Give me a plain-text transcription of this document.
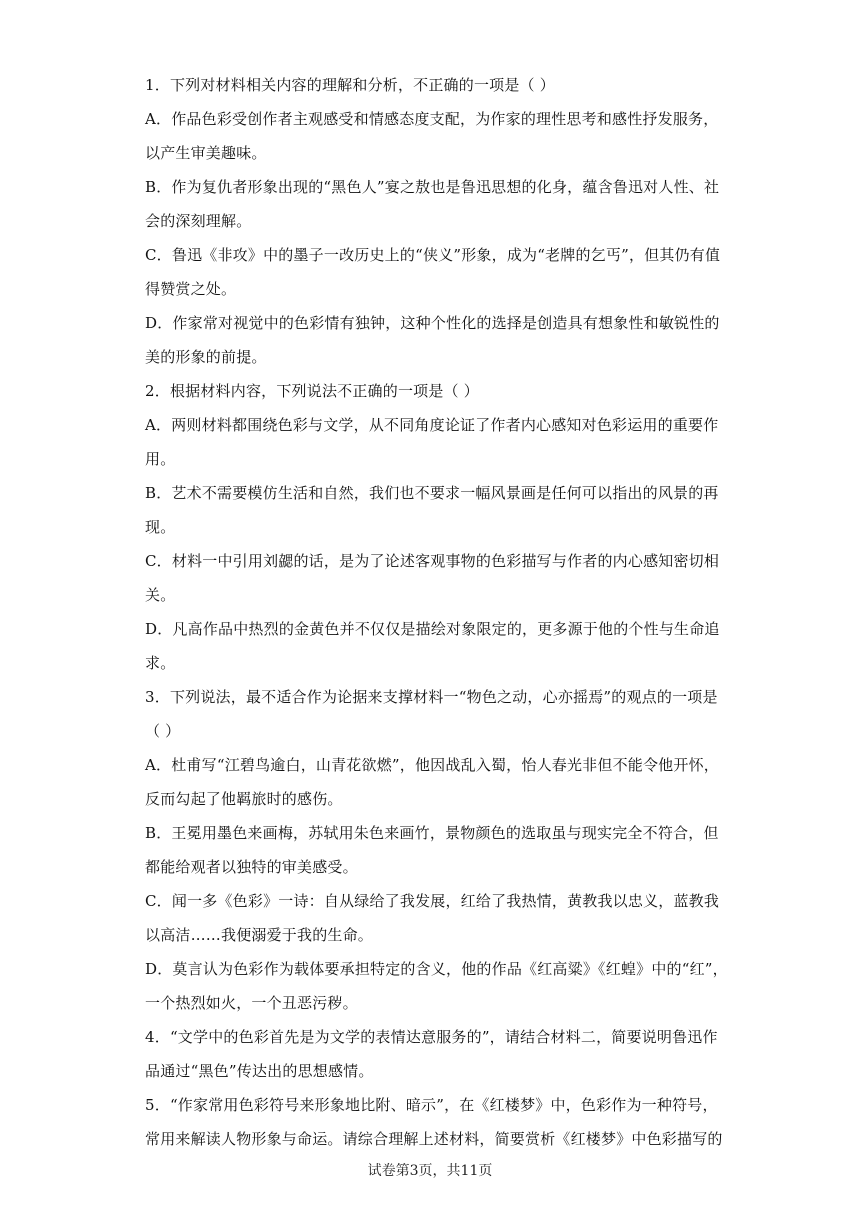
1．下列对材料相关内容的理解和分析，不正确的一项是（ ）
A．作品色彩受创作者主观感受和情感态度支配，为作家的理性思考和感性抒发服务，
以产生审美趣味。
B．作为复仇者形象出现的“黑色人”宴之敖也是鲁迅思想的化身，蕴含鲁迅对人性、社
会的深刻理解。
C．鲁迅《非攻》中的墨子一改历史上的“侠义”形象，成为“老牌的乞丐”，但其仍有值
得赞赏之处。
D．作家常对视觉中的色彩情有独钟，这种个性化的选择是创造具有想象性和敏锐性的
美的形象的前提。
2．根据材料内容，下列说法不正确的一项是（ ）
A．两则材料都围绕色彩与文学，从不同角度论证了作者内心感知对色彩运用的重要作
用。
B．艺术不需要模仿生活和自然，我们也不要求一幅风景画是任何可以指出的风景的再
现。
C．材料一中引用刘勰的话，是为了论述客观事物的色彩描写与作者的内心感知密切相
关。
D．凡高作品中热烈的金黄色并不仅仅是描绘对象限定的，更多源于他的个性与生命追
求。
3．下列说法，最不适合作为论据来支撑材料一“物色之动，心亦摇焉”的观点的一项是
（ ）
A．杜甫写“江碧鸟逾白，山青花欲燃”，他因战乱入蜀，怡人春光非但不能令他开怀，
反而勾起了他羁旅时的感伤。
B．王冕用墨色来画梅，苏轼用朱色来画竹，景物颜色的选取虽与现实完全不符合，但
都能给观者以独特的审美感受。
C．闻一多《色彩》一诗：自从绿给了我发展，红给了我热情，黄教我以忠义，蓝教我
以高洁……我便溺爱于我的生命。
D．莫言认为色彩作为载体要承担特定的含义，他的作品《红高粱》《红蝗》中的“红”，
一个热烈如火，一个丑恶污秽。
4．“文学中的色彩首先是为文学的表情达意服务的”，请结合材料二，简要说明鲁迅作
品通过“黑色”传达出的思想感情。
5．“作家常用色彩符号来形象地比附、暗示”，在《红楼梦》中，色彩作为一种符号，
常用来解读人物形象与命运。请综合理解上述材料，简要赏析《红楼梦》中色彩描写的
试卷第3页，共11页
